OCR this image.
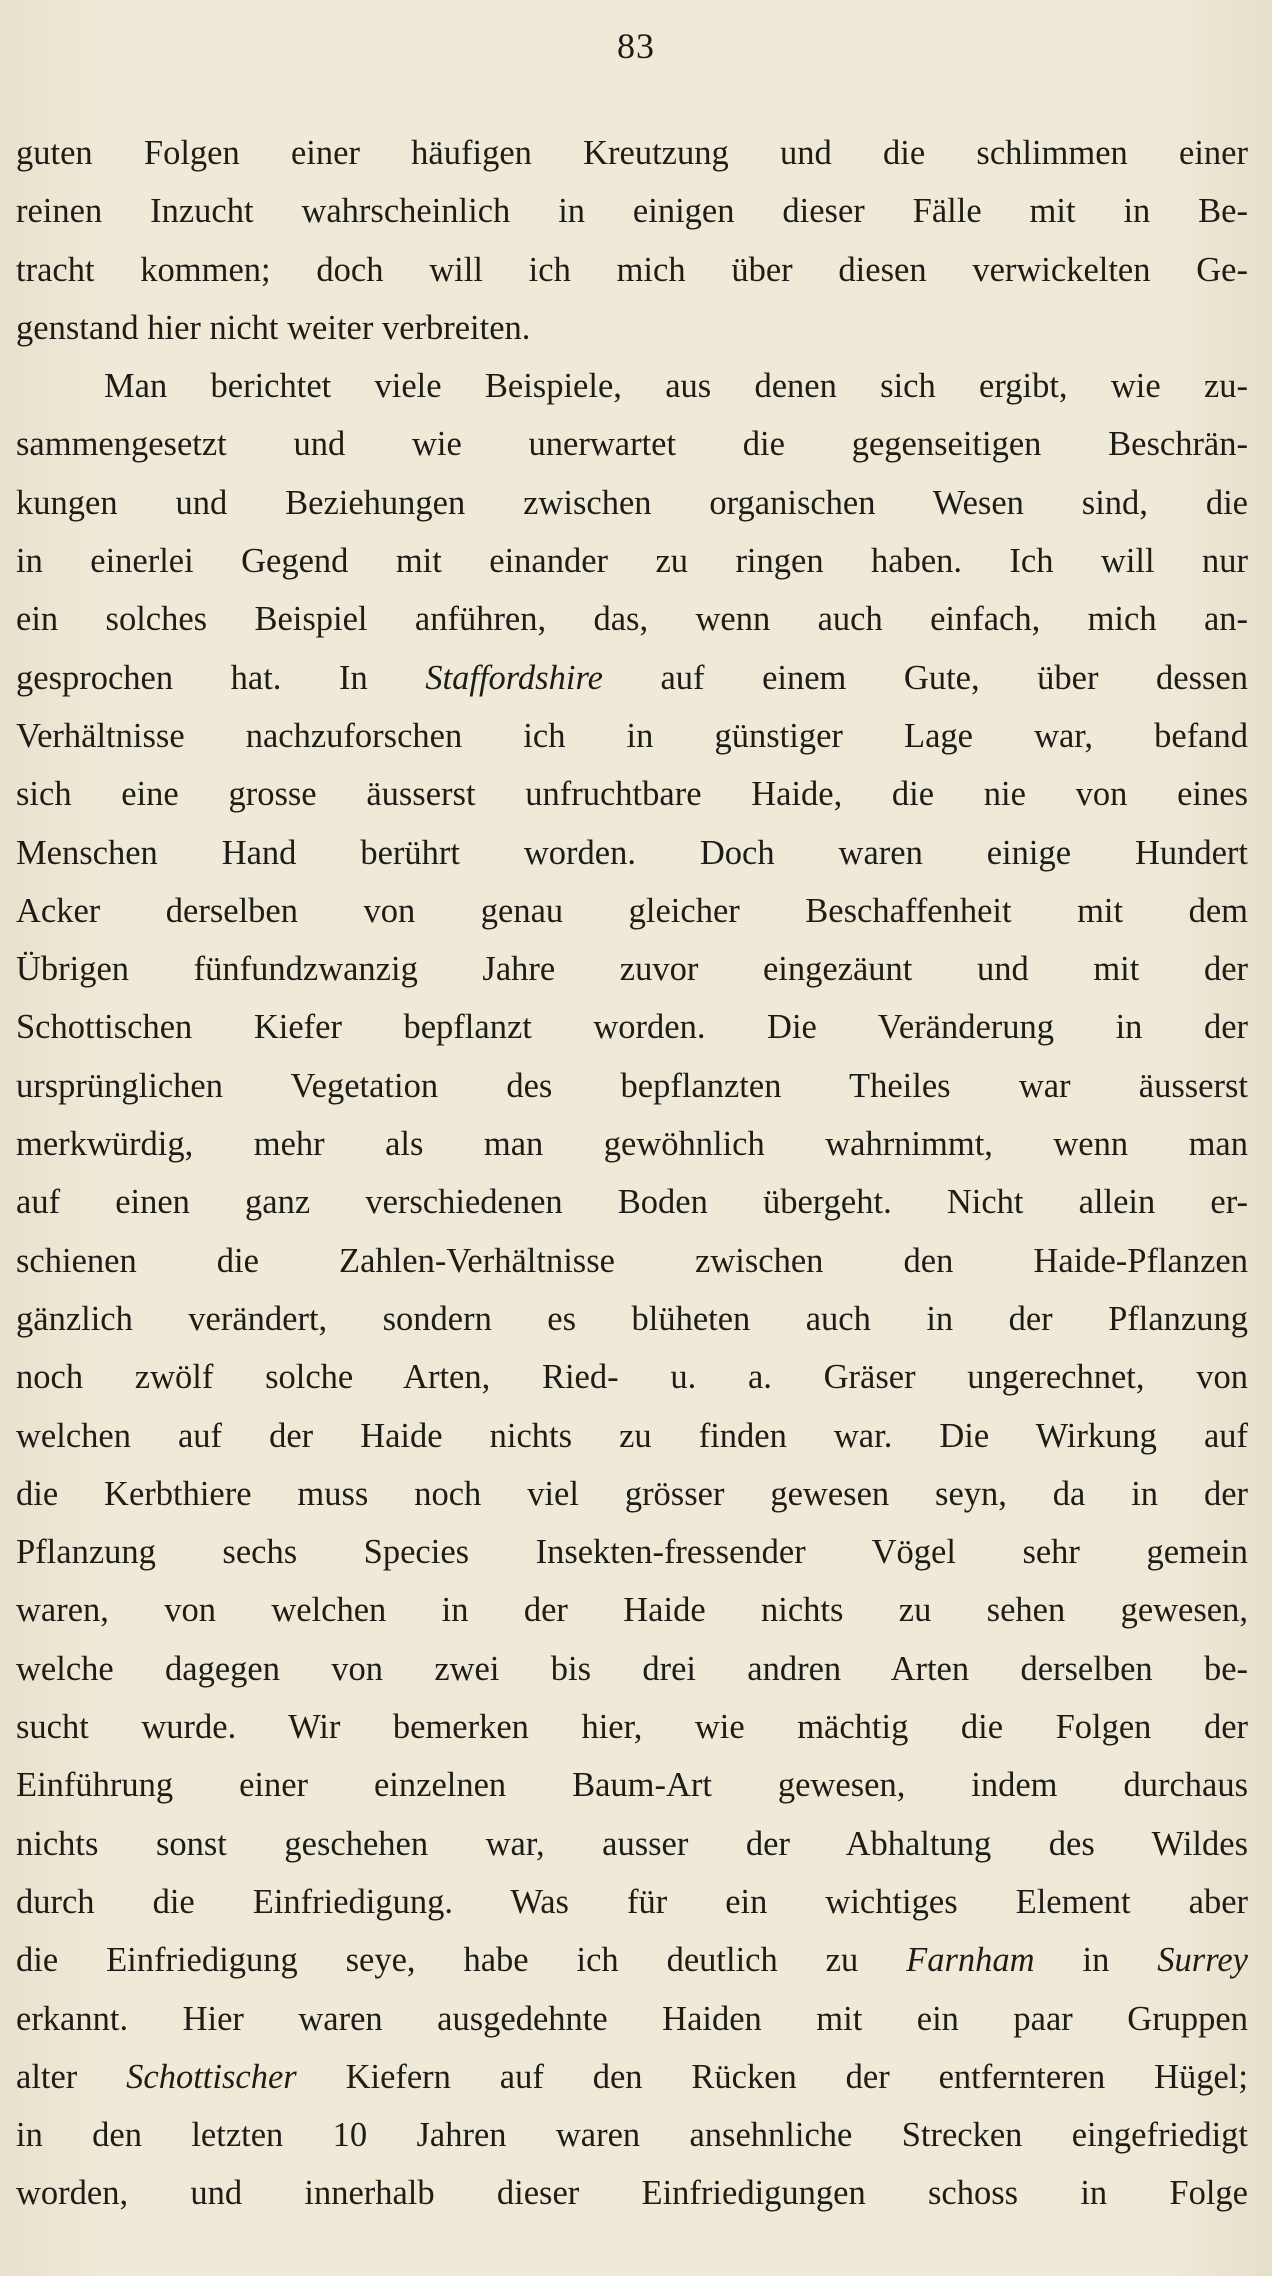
83
guten Folgen einer häufigen Kreutzung und die schlimmen einer
reinen Inzucht wahrscheinlich in einigen dieser Fälle mit in Be-
tracht kommen; doch will ich mich über diesen verwickelten Ge-
genstand hier nicht weiter verbreiten.
Man berichtet viele Beispiele, aus denen sich ergibt, wie zu-
sammengesetzt und wie unerwartet die gegenseitigen Beschrän-
kungen und Beziehungen zwischen organischen Wesen sind, die
in einerlei Gegend mit einander zu ringen haben. Ich will nur
ein solches Beispiel anführen, das, wenn auch einfach, mich an-
gesprochen hat. In Staffordshire auf einem Gute, über dessen
Verhältnisse nachzuforschen ich in günstiger Lage war, befand
sich eine grosse äusserst unfruchtbare Haide, die nie von eines
Menschen Hand berührt worden. Doch waren einige Hundert
Acker derselben von genau gleicher Beschaffenheit mit dem
Übrigen fünfundzwanzig Jahre zuvor eingezäunt und mit der
Schottischen Kiefer bepflanzt worden. Die Veränderung in der
ursprünglichen Vegetation des bepflanzten Theiles war äusserst
merkwürdig, mehr als man gewöhnlich wahrnimmt, wenn man
auf einen ganz verschiedenen Boden übergeht. Nicht allein er-
schienen die Zahlen-Verhältnisse zwischen den Haide-Pflanzen
gänzlich verändert, sondern es blüheten auch in der Pflanzung
noch zwölf solche Arten, Ried- u. a. Gräser ungerechnet, von
welchen auf der Haide nichts zu finden war. Die Wirkung auf
die Kerbthiere muss noch viel grösser gewesen seyn, da in der
Pflanzung sechs Species Insekten-fressender Vögel sehr gemein
waren, von welchen in der Haide nichts zu sehen gewesen,
welche dagegen von zwei bis drei andren Arten derselben be-
sucht wurde. Wir bemerken hier, wie mächtig die Folgen der
Einführung einer einzelnen Baum-Art gewesen, indem durchaus
nichts sonst geschehen war, ausser der Abhaltung des Wildes
durch die Einfriedigung. Was für ein wichtiges Element aber
die Einfriedigung seye, habe ich deutlich zu Farnham in Surrey
erkannt. Hier waren ausgedehnte Haiden mit ein paar Gruppen
alter Schottischer Kiefern auf den Rücken der entfernteren Hügel;
in den letzten 10 Jahren waren ansehnliche Strecken eingefriedigt
worden, und innerhalb dieser Einfriedigungen schoss in Folge
